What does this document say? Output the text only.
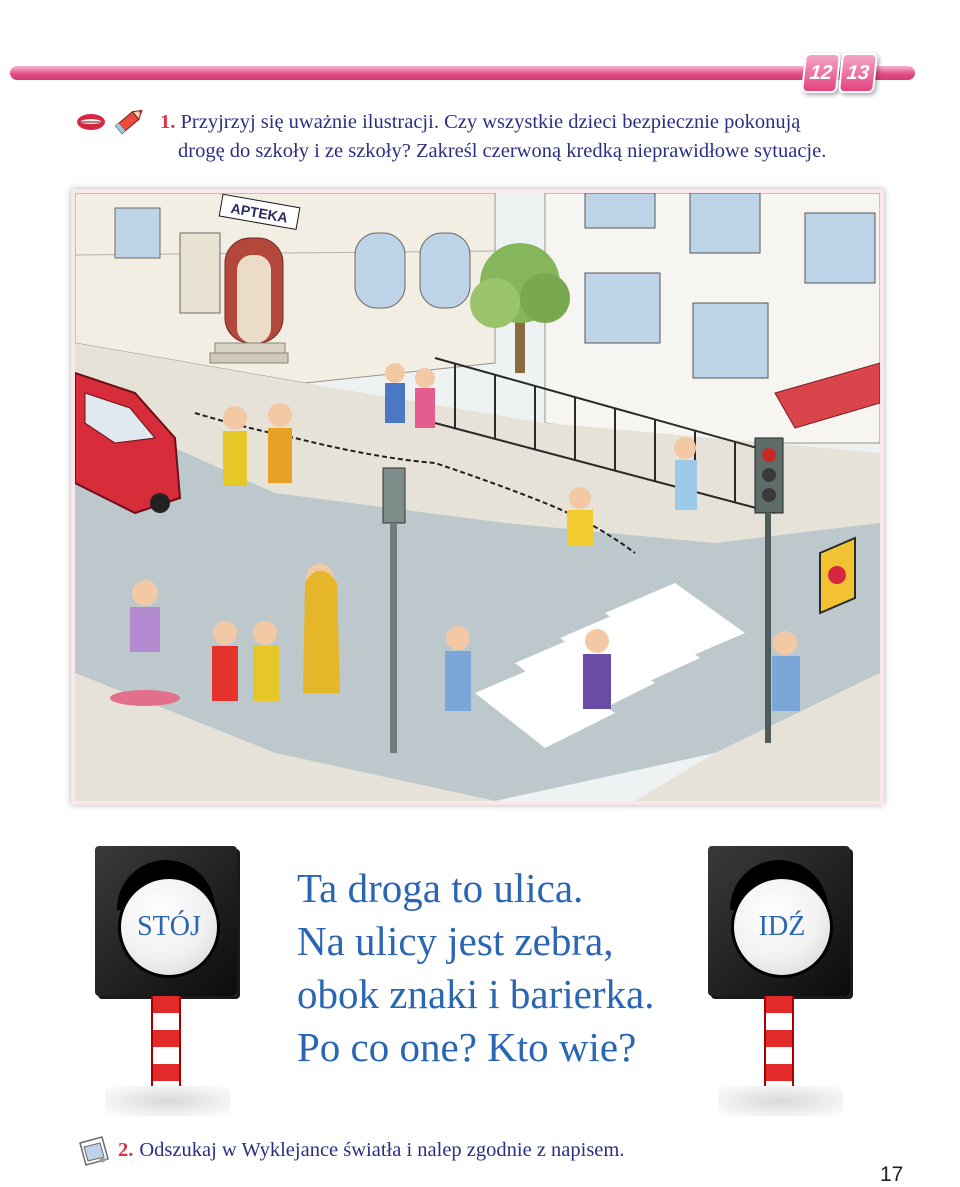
12 13
1. Przyjrzyj się uważnie ilustracji. Czy wszystkie dzieci bezpiecznie pokonują
drogę do szkoły i ze szkoły? Zakreśl czerwoną kredką nieprawidłowe sytuacje.
APTEKA
STÓJ
Ta droga to ulica.
Na ulicy jest zebra,
obok znaki i barierka.
Po co one? Kto wie?
IDŹ
2. Odszukaj w Wyklejance światła i nalep zgodnie z napisem.
17
